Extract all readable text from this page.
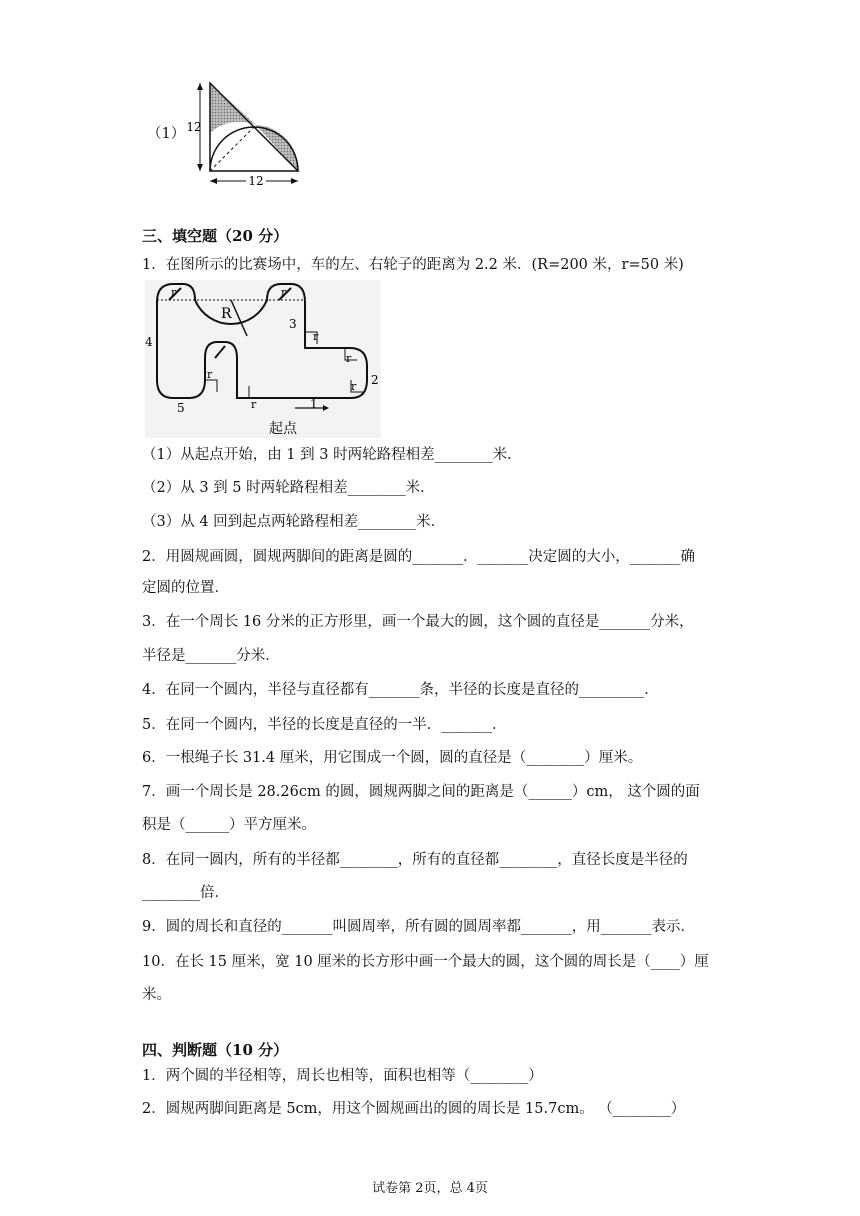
（1） 12
12
三、填空题（20 分）
1．在图所示的比赛场中，车的左、右轮子的距离为 2.2 米．(R=200 米，r=50 米)
R
r	r
r
r
r
r
r	1
2
3
4
5
起点
（1）从起点开始，由 1 到 3 时两轮路程相差________米．
（2）从 3 到 5 时两轮路程相差________米．
（3）从 4 回到起点两轮路程相差________米．
2．用圆规画圆，圆规两脚间的距离是圆的_______．_______决定圆的大小，_______确
定圆的位置．
3．在一个周长 16 分米的正方形里，画一个最大的圆，这个圆的直径是_______分米，
半径是_______分米．
4．在同一个圆内，半径与直径都有_______条，半径的长度是直径的_________．
5．在同一个圆内，半径的长度是直径的一半．_______．
6．一根绳子长 31.4 厘米，用它围成一个圆，圆的直径是（________）厘米。
7．画一个周长是 28.26cm 的圆，圆规两脚之间的距离是（______）cm， 这个圆的面
积是（______）平方厘米。
8．在同一圆内，所有的半径都________，所有的直径都________，直径长度是半径的
________倍．
9．圆的周长和直径的_______叫圆周率，所有圆的圆周率都_______，用_______表示．
10．在长 15 厘米，宽 10 厘米的长方形中画一个最大的圆，这个圆的周长是（____）厘
米。
四、判断题（10 分）
1．两个圆的半径相等，周长也相等，面积也相等（________）
2．圆规两脚间距离是 5cm，用这个圆规画出的圆的周长是 15.7cm。 （________）
试卷第 2页，总 4页
